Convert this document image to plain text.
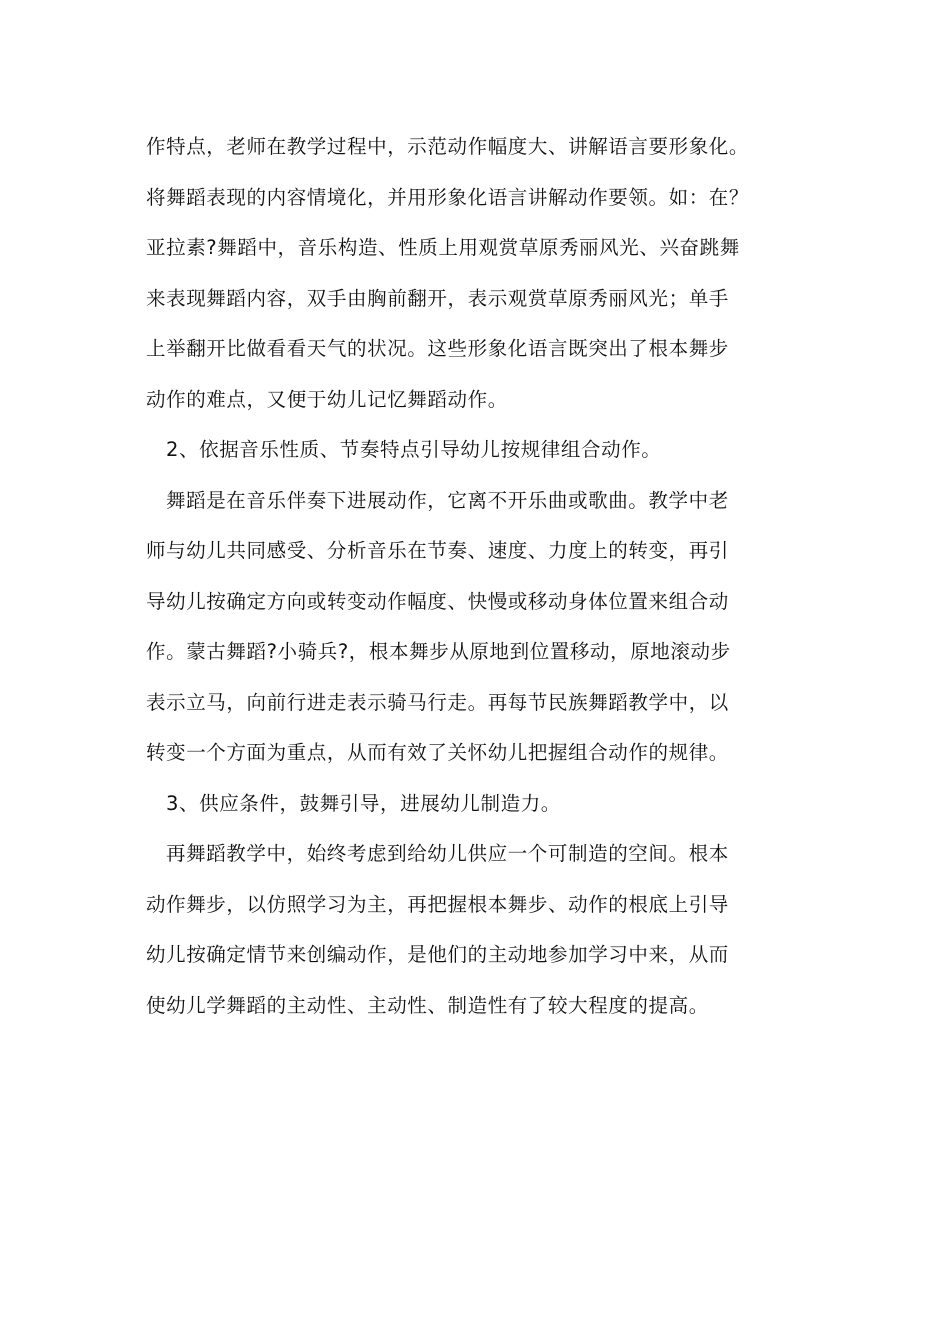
作特点，老师在教学过程中，示范动作幅度大、讲解语言要形象化。
将舞蹈表现的内容情境化，并用形象化语言讲解动作要领。如：在？
亚拉素?舞蹈中，音乐构造、性质上用观赏草原秀丽风光、兴奋跳舞
来表现舞蹈内容，双手由胸前翻开，表示观赏草原秀丽风光；单手
上举翻开比做看看天气的状况。这些形象化语言既突出了根本舞步
动作的难点，又便于幼儿记忆舞蹈动作。
2、依据音乐性质、节奏特点引导幼儿按规律组合动作。
舞蹈是在音乐伴奏下进展动作，它离不开乐曲或歌曲。教学中老
师与幼儿共同感受、分析音乐在节奏、速度、力度上的转变，再引
导幼儿按确定方向或转变动作幅度、快慢或移动身体位置来组合动
作。蒙古舞蹈?小骑兵?，根本舞步从原地到位置移动，原地滚动步
表示立马，向前行进走表示骑马行走。再每节民族舞蹈教学中，以
转变一个方面为重点，从而有效了关怀幼儿把握组合动作的规律。
3、供应条件，鼓舞引导，进展幼儿制造力。
再舞蹈教学中，始终考虑到给幼儿供应一个可制造的空间。根本
动作舞步，以仿照学习为主，再把握根本舞步、动作的根底上引导
幼儿按确定情节来创编动作，是他们的主动地参加学习中来，从而
使幼儿学舞蹈的主动性、主动性、制造性有了较大程度的提高。
